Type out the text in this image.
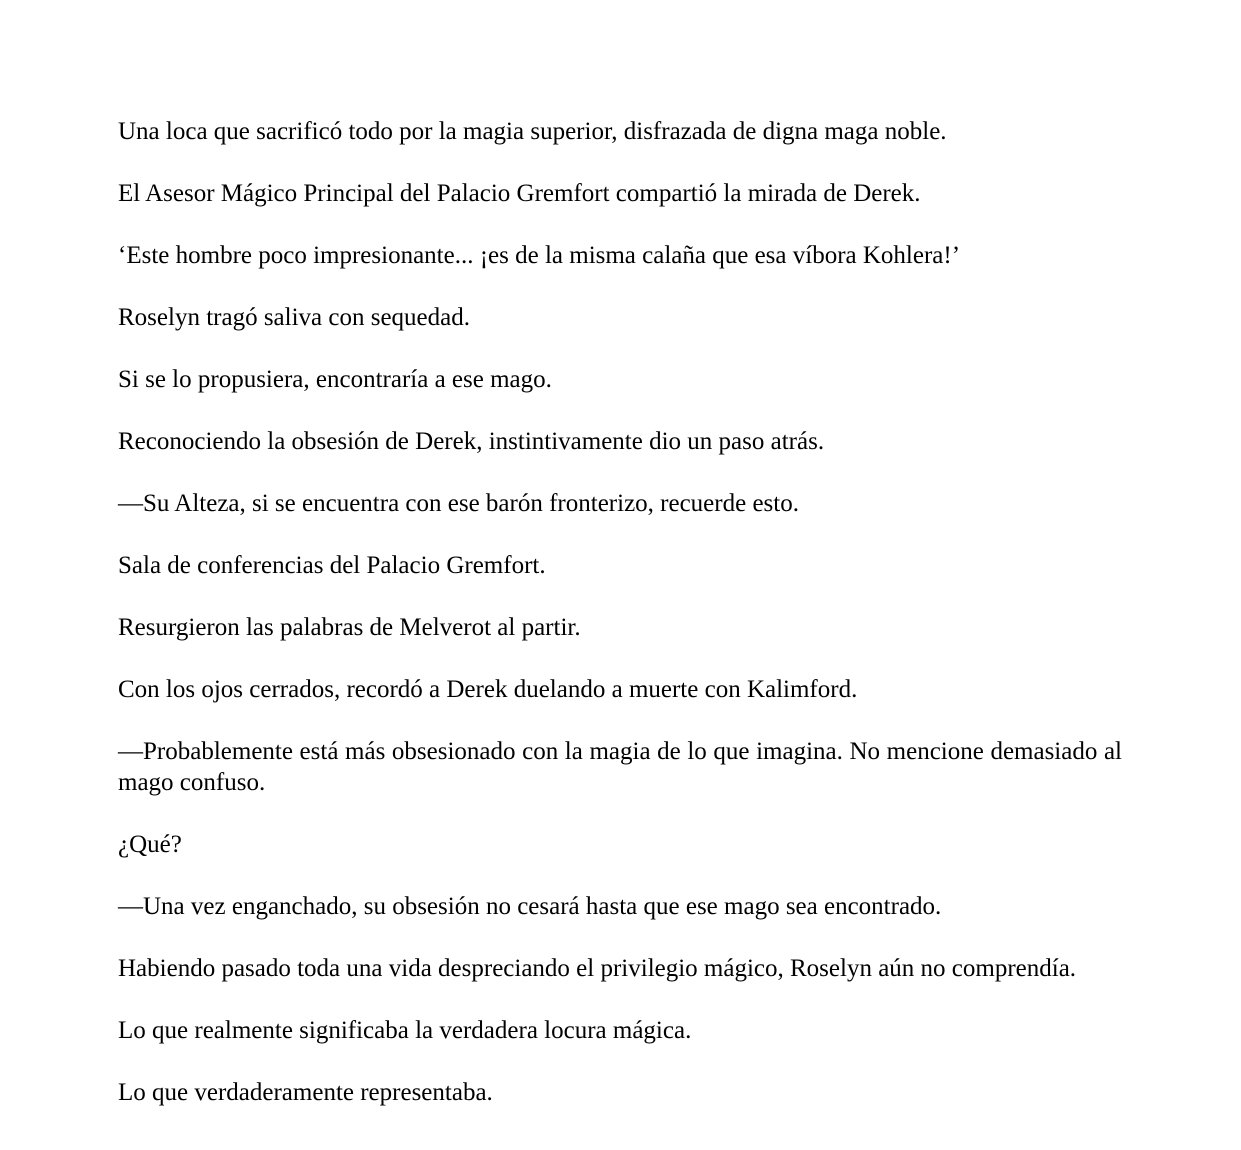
Una loca que sacrificó todo por la magia superior, disfrazada de digna maga noble.

El Asesor Mágico Principal del Palacio Gremfort compartió la mirada de Derek.

‘Este hombre poco impresionante... ¡es de la misma calaña que esa víbora Kohlera!’

Roselyn tragó saliva con sequedad.

Si se lo propusiera, encontraría a ese mago.

Reconociendo la obsesión de Derek, instintivamente dio un paso atrás.

—Su Alteza, si se encuentra con ese barón fronterizo, recuerde esto.

Sala de conferencias del Palacio Gremfort.

Resurgieron las palabras de Melverot al partir.

Con los ojos cerrados, recordó a Derek duelando a muerte con Kalimford.

—Probablemente está más obsesionado con la magia de lo que imagina. No mencione demasiado al mago confuso.

¿Qué?

—Una vez enganchado, su obsesión no cesará hasta que ese mago sea encontrado.

Habiendo pasado toda una vida despreciando el privilegio mágico, Roselyn aún no comprendía.

Lo que realmente significaba la verdadera locura mágica.

Lo que verdaderamente representaba.
